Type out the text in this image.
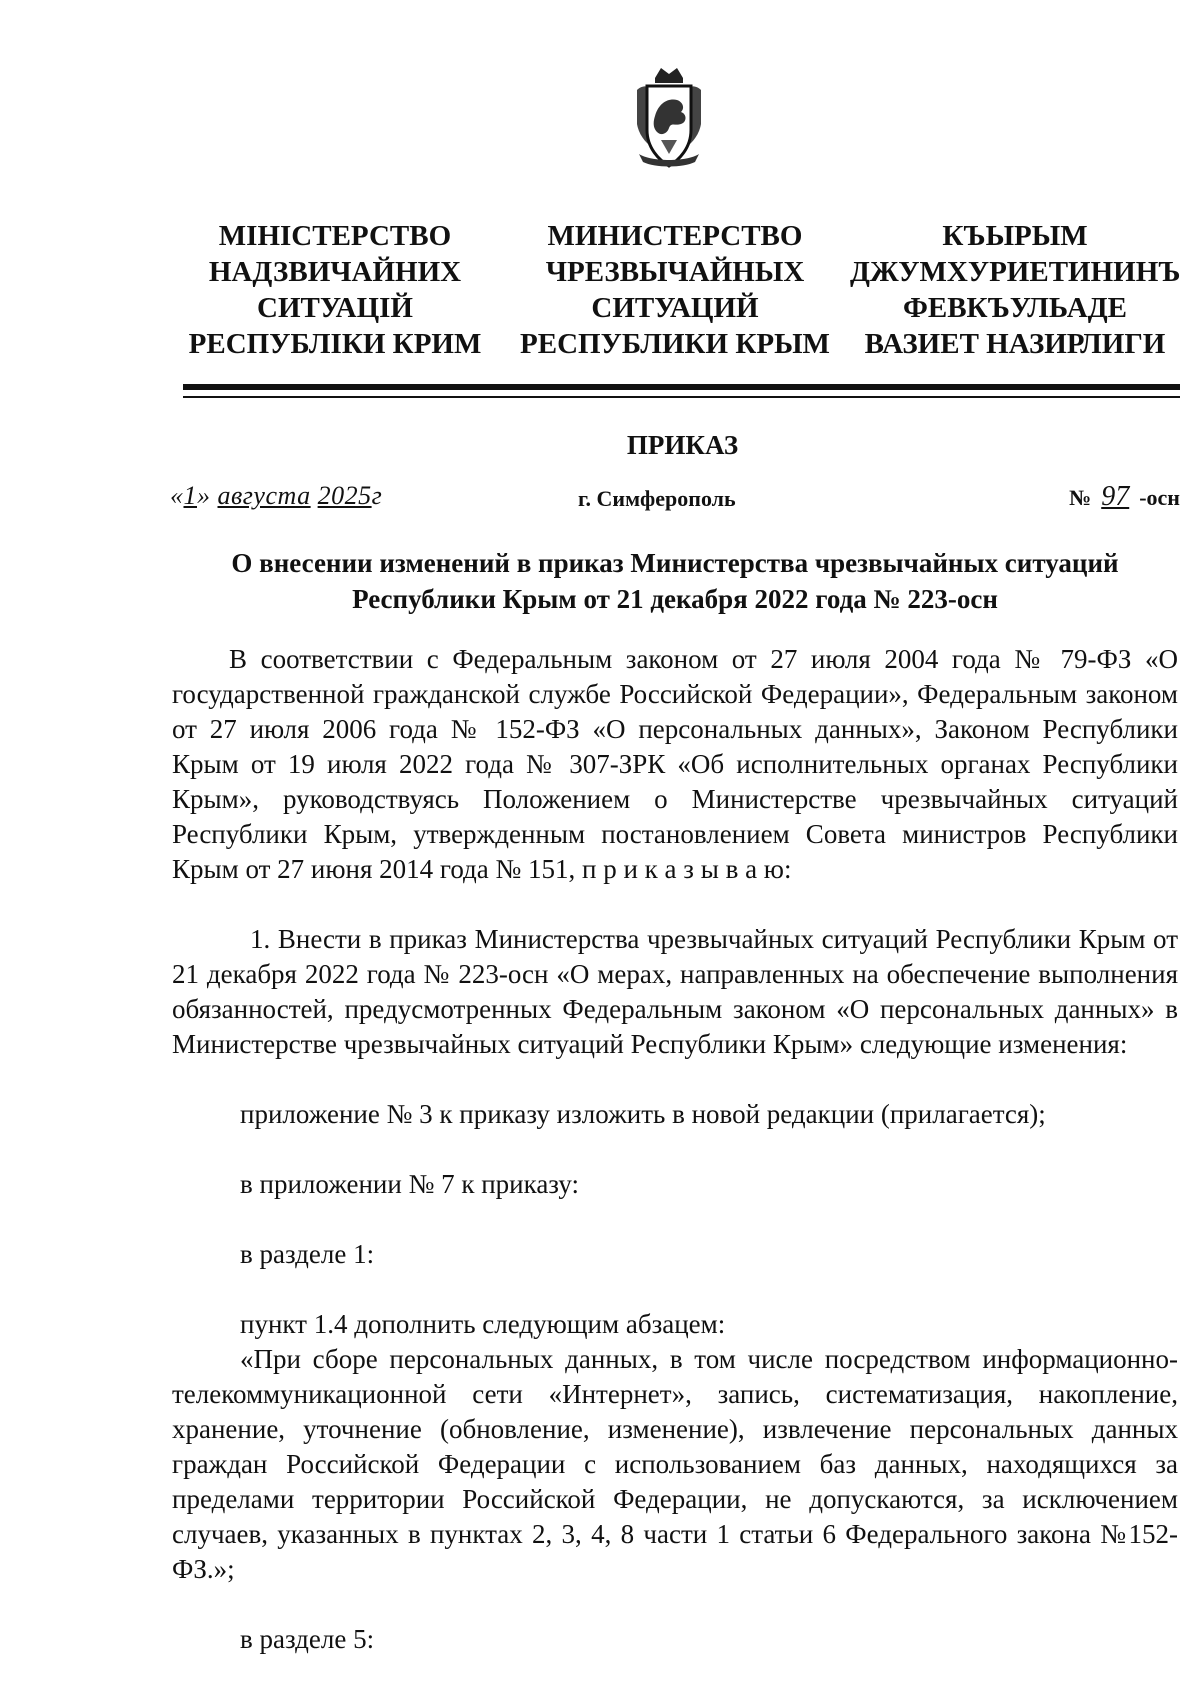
МІНІСТЕРСТВО
НАДЗВИЧАЙНИХ
СИТУАЦІЙ
РЕСПУБЛІКИ КРИМ
МИНИСТЕРСТВО
ЧРЕЗВЫЧАЙНЫХ
СИТУАЦИЙ
РЕСПУБЛИКИ КРЫМ
КЪЫРЫМ
ДЖУМХУРИЕТИНИНЪ
ФЕВКЪУЛЬАДЕ
ВАЗИЕТ НАЗИРЛИГИ
ПРИКАЗ
«1» августа 2025г	г. Симферополь	№ 97 -осн
О внесении изменений в приказ Министерства чрезвычайных ситуаций
Республики Крым от 21 декабря 2022 года № 223-осн

В соответствии с Федеральным законом от 27 июля 2004 года № 79-ФЗ «О государственной гражданской службе Российской Федерации», Федеральным законом от 27 июля 2006 года № 152-ФЗ «О персональных данных», Законом Республики Крым от 19 июля 2022 года № 307-ЗРК «Об исполнительных органах Республики Крым», руководствуясь Положением о Министерстве чрезвычайных ситуаций Республики Крым, утвержденным постановлением Совета министров Республики Крым от 27 июня 2014 года № 151, п р и к а з ы в а ю:

1. Внести в приказ Министерства чрезвычайных ситуаций Республики Крым от 21 декабря 2022 года № 223-осн «О мерах, направленных на обеспечение выполнения обязанностей, предусмотренных Федеральным законом «О персональных данных» в Министерстве чрезвычайных ситуаций Республики Крым» следующие изменения:

приложение № 3 к приказу изложить в новой редакции (прилагается);

в приложении № 7 к приказу:

в разделе 1:

пункт 1.4 дополнить следующим абзацем:

«При сборе персональных данных, в том числе посредством информационно-телекоммуникационной сети «Интернет», запись, систематизация, накопление, хранение, уточнение (обновление, изменение), извлечение персональных данных граждан Российской Федерации с использованием баз данных, находящихся за пределами территории Российской Федерации, не допускаются, за исключением случаев, указанных в пунктах 2, 3, 4, 8 части 1 статьи 6 Федерального закона №152-ФЗ.»;

в разделе 5:
